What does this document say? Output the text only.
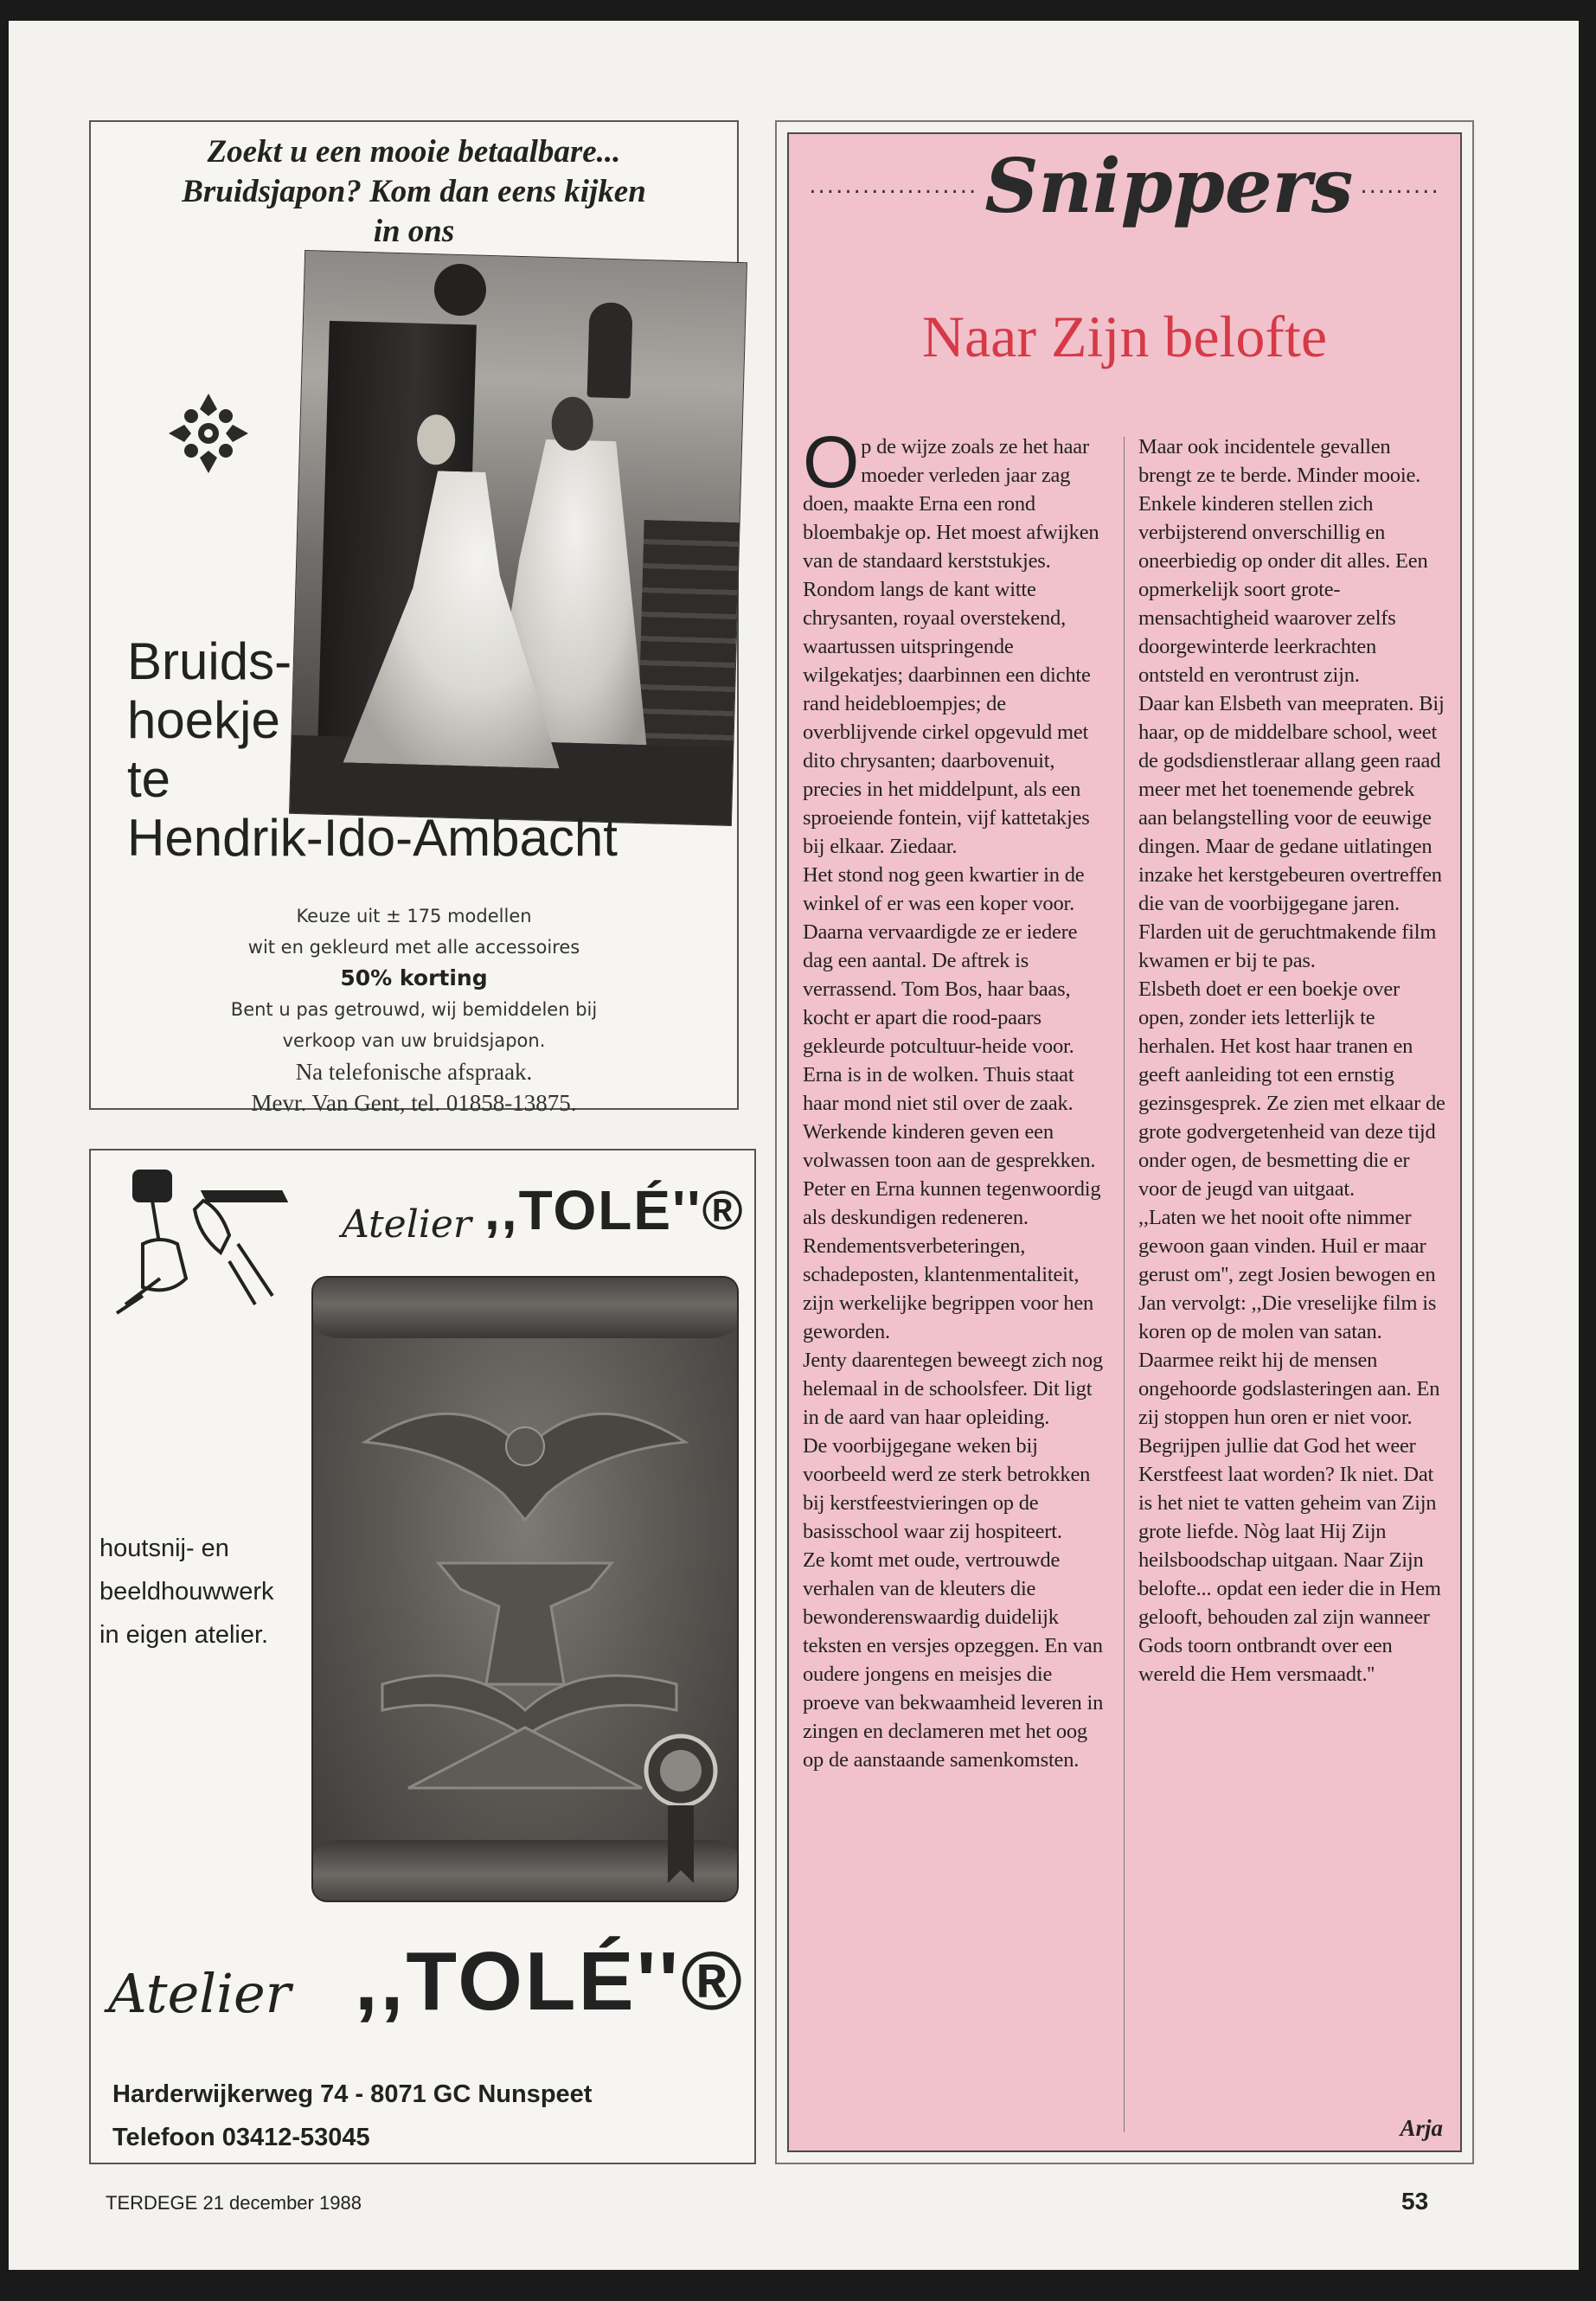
Zoekt u een mooie betaalbare...
Bruidsjapon? Kom dan eens kijken
in ons
Bruids-
hoekje
te
Hendrik-Ido-Ambacht
Keuze uit ± 175 modellen
wit en gekleurd met alle accessoires
50% korting
Bent u pas getrouwd, wij bemiddelen bij
verkoop van uw bruidsjapon.
Na telefonische afspraak.
Mevr. Van Gent, tel. 01858-13875.
Atelier ,,TOLÉ''®
houtsnij- en
beeldhouwwerk
in eigen atelier.
Atelier ,,TOLÉ''®
Harderwijkerweg 74 - 8071 GC Nunspeet
Telefoon 03412-53045
...................Snippers .........
Naar Zijn belofte

Op de wijze zoals ze het haar moeder verleden jaar zag doen, maakte Erna een rond bloembakje op. Het moest afwijken van de standaard kerststukjes. Rondom langs de kant witte chrysanten, royaal overstekend, waartussen uitspringende wilgekatjes; daarbinnen een dichte rand heidebloempjes; de overblijvende cirkel opgevuld met dito chrysanten; daarbovenuit, precies in het middelpunt, als een sproeiende fontein, vijf kattetakjes bij elkaar. Ziedaar.

Het stond nog geen kwartier in de winkel of er was een koper voor. Daarna vervaardigde ze er iedere dag een aantal. De aftrek is verrassend. Tom Bos, haar baas, kocht er apart die rood-paars gekleurde potcultuur-heide voor.

Erna is in de wolken. Thuis staat haar mond niet stil over de zaak. Werkende kinderen geven een volwassen toon aan de gesprekken. Peter en Erna kunnen tegenwoordig als deskundigen redeneren. Rendementsverbeteringen, schadeposten, klantenmentaliteit, zijn werkelijke begrippen voor hen geworden.

Jenty daarentegen beweegt zich nog helemaal in de schoolsfeer. Dit ligt in de aard van haar opleiding.

De voorbijgegane weken bij voorbeeld werd ze sterk betrokken bij kerstfeestvieringen op de basisschool waar zij hospiteert.

Ze komt met oude, vertrouwde verhalen van de kleuters die bewonderenswaardig duidelijk teksten en versjes opzeggen. En van oudere jongens en meisjes die proeve van bekwaamheid leveren in zingen en declameren met het oog op de aanstaande samenkomsten.

Maar ook incidentele gevallen brengt ze te berde. Minder mooie. Enkele kinderen stellen zich verbijsterend onverschillig en oneerbiedig op onder dit alles. Een opmerkelijk soort grote-mensachtigheid waarover zelfs doorgewinterde leerkrachten ontsteld en verontrust zijn.

Daar kan Elsbeth van meepraten. Bij haar, op de middelbare school, weet de godsdienstleraar allang geen raad meer met het toenemende gebrek aan belangstelling voor de eeuwige dingen. Maar de gedane uitlatingen inzake het kerstgebeuren overtreffen die van de voorbijgegane jaren. Flarden uit de geruchtmakende film kwamen er bij te pas.

Elsbeth doet er een boekje over open, zonder iets letterlijk te herhalen. Het kost haar tranen en geeft aanleiding tot een ernstig gezinsgesprek. Ze zien met elkaar de grote godvergetenheid van deze tijd onder ogen, de besmetting die er voor de jeugd van uitgaat.

,,Laten we het nooit ofte nimmer gewoon gaan vinden. Huil er maar gerust om'', zegt Josien bewogen en Jan vervolgt: ,,Die vreselijke film is koren op de molen van satan. Daarmee reikt hij de mensen ongehoorde godslasteringen aan. En zij stoppen hun oren er niet voor.

Begrijpen jullie dat God het weer Kerstfeest laat worden? Ik niet. Dat is het niet te vatten geheim van Zijn grote liefde. Nòg laat Hij Zijn heilsboodschap uitgaan. Naar Zijn belofte... opdat een ieder die in Hem gelooft, behouden zal zijn wanneer Gods toorn ontbrandt over een wereld die Hem versmaadt.''

Arja
TERDEGE 21 december 1988	53
